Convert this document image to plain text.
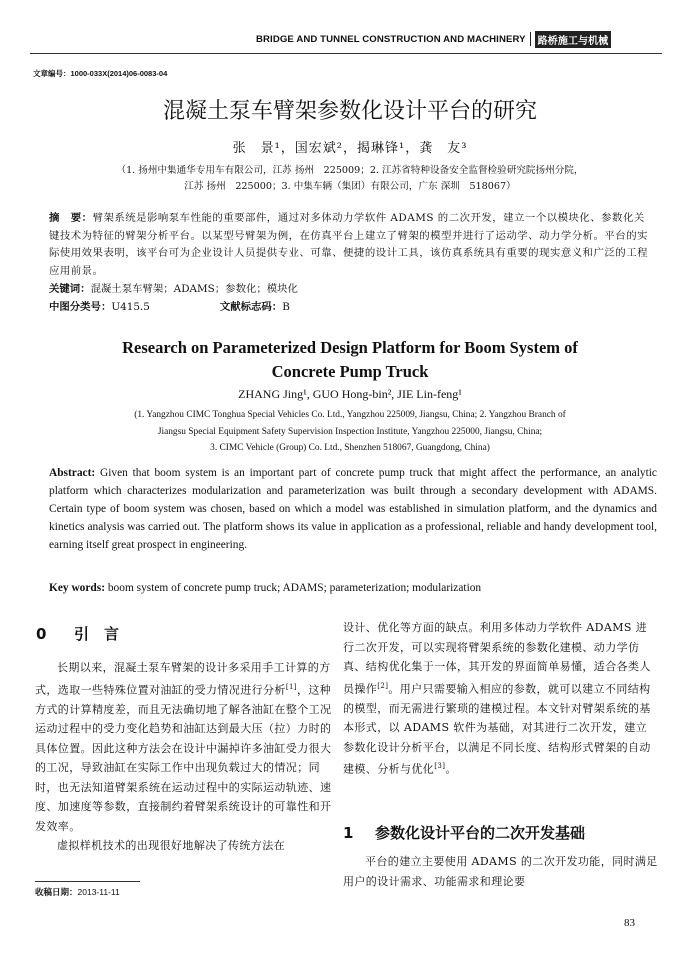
BRIDGE AND TUNNEL CONSTRUCTION AND MACHINERY	路桥施工与机械
文章编号：1000-033X(2014)06-0083-04
混凝土泵车臂架参数化设计平台的研究
张　景¹，国宏斌²，揭琳锋¹，龚　友³
（1. 扬州中集通华专用车有限公司，江苏 扬州　225009；2. 江苏省特种设备安全监督检验研究院扬州分院，
江苏 扬州　225000；3. 中集车辆（集团）有限公司，广东 深圳　518067）
摘　要：臂架系统是影响泵车性能的重要部件，通过对多体动力学软件 ADAMS 的二次开发，建立一个以模块化、参数化关键技术为特征的臂架分析平台。以某型号臂架为例，在仿真平台上建立了臂架的模型并进行了运动学、动力学分析。平台的实际使用效果表明，该平台可为企业设计人员提供专业、可靠、便捷的设计工具，该仿真系统具有重要的现实意义和广泛的工程应用前景。
关键词：混凝土泵车臂架；ADAMS；参数化；模块化
中图分类号：U415.5	文献标志码：B
Research on Parameterized Design Platform for Boom System of
Concrete Pump Truck
ZHANG Jing¹, GUO Hong-bin², JIE Lin-feng¹
(1. Yangzhou CIMC Tonghua Special Vehicles Co. Ltd., Yangzhou 225009, Jiangsu, China; 2. Yangzhou Branch of
Jiangsu Special Equipment Safety Supervision Inspection Institute, Yangzhou 225000, Jiangsu, China;
3. CIMC Vehicle (Group) Co. Ltd., Shenzhen 518067, Guangdong, China)
Abstract: Given that boom system is an important part of concrete pump truck that might affect the performance, an analytic platform which characterizes modularization and parameterization was built through a secondary development with ADAMS. Certain type of boom system was chosen, based on which a model was established in simulation platform, and the dynamics and kinetics analysis was carried out. The platform shows its value in application as a professional, reliable and handy development tool, earning itself great prospect in engineering.
Key words: boom system of concrete pump truck; ADAMS; parameterization; modularization
0 引　言

长期以来，混凝土泵车臂架的设计多采用手工计算的方式，选取一些特殊位置对油缸的受力情况进行分析[1]，这种方式的计算精度差，而且无法确切地了解各油缸在整个工况运动过程中的受力变化趋势和油缸达到最大压（拉）力时的具体位置。因此这种方法会在设计中漏掉许多油缸受力很大的工况，导致油缸在实际工作中出现负载过大的情况；同时，也无法知道臂架系统在运动过程中的实际运动轨迹、速度、加速度等参数，直接制约着臂架系统设计的可靠性和开发效率。

虚拟样机技术的出现很好地解决了传统方法在

设计、优化等方面的缺点。利用多体动力学软件 ADAMS 进行二次开发，可以实现将臂架系统的参数化建模、动力学仿真、结构优化集于一体，其开发的界面简单易懂，适合各类人员操作[2]。用户只需要输入相应的参数，就可以建立不同结构的模型，而无需进行繁琐的建模过程。本文针对臂架系统的基本形式，以 ADAMS 软件为基础，对其进行二次开发，建立参数化设计分析平台，以满足不同长度、结构形式臂架的自动建模、分析与优化[3]。

1 参数化设计平台的二次开发基础

平台的建立主要使用 ADAMS 的二次开发功能，同时满足用户的设计需求、功能需求和理论要

收稿日期：2013-11-11
83
